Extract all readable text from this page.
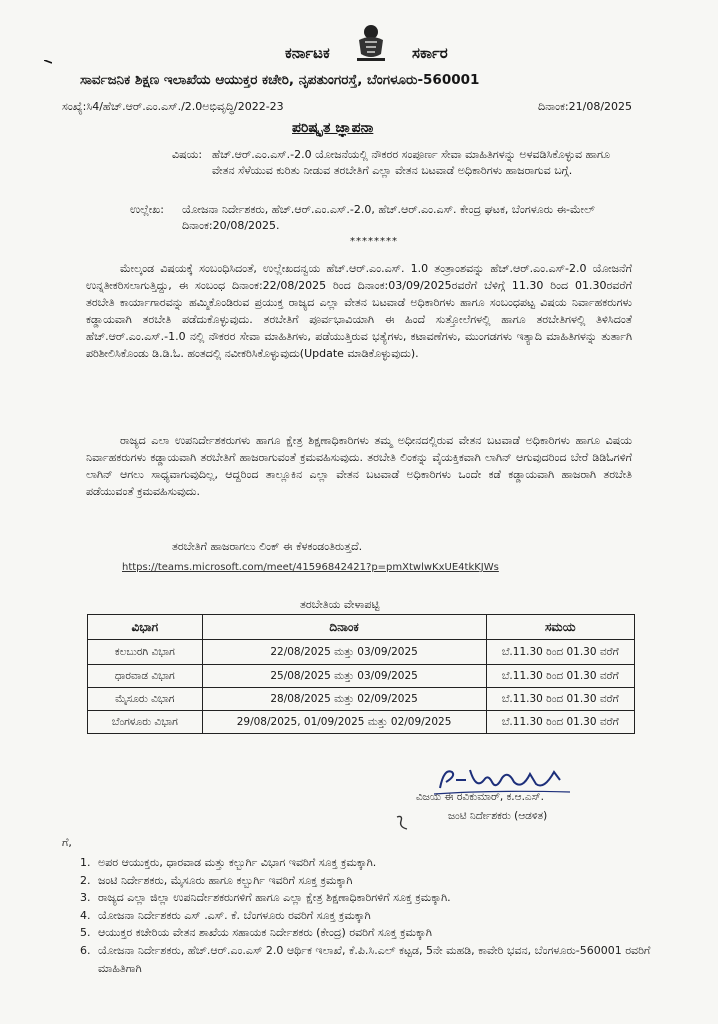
ಕರ್ನಾಟಕ	ಸರ್ಕಾರ
ಸಾರ್ವಜನಿಕ ಶಿಕ್ಷಣ ಇಲಾಖೆಯ ಆಯುಕ್ತರ ಕಚೇರಿ, ನೃಪತುಂಗರಸ್ತೆ, ಬೆಂಗಳೂರು-560001
ಸಂಖ್ಯೆ:ಸಿ4/ಹೆಚ್.ಆರ್.ಎಂ.ಎಸ್./2.0ಅಭಿವೃದ್ಧಿ/2022-23	ದಿನಾಂಕ:21/08/2025
ಪರಿಷ್ಕೃತ ಜ್ಞಾಪನಾ
ವಿಷಯ: ಹೆಚ್.ಆರ್.ಎಂ.ಎಸ್.-2.0 ಯೋಜನೆಯಲ್ಲಿ ನೌಕರರ ಸಂಪೂರ್ಣ ಸೇವಾ ಮಾಹಿತಿಗಳನ್ನು ಅಳವಡಿಸಿಕೊಳ್ಳುವ ಹಾಗೂ ವೇತನ ಸೆಳೆಯುವ ಕುರಿತು ನೀಡುವ ತರಬೇತಿಗೆ ಎಲ್ಲಾ ವೇತನ ಬಟವಾಡೆ ಅಧಿಕಾರಿಗಳು ಹಾಜರಾಗುವ ಬಗ್ಗೆ.
ಉಲ್ಲೇಖ: ಯೋಜನಾ ನಿರ್ದೇಶಕರು, ಹೆಚ್.ಆರ್.ಎಂ.ಎಸ್.-2.0, ಹೆಚ್.ಆರ್.ಎಂ.ಎಸ್. ಕೇಂದ್ರ ಘಟಕ, ಬೆಂಗಳೂರು ಈ-ಮೇಲ್ ದಿನಾಂಕ:20/08/2025.
********
ಮೇಲ್ಕಂಡ ವಿಷಯಕ್ಕೆ ಸಂಬಂಧಿಸಿದಂತೆ, ಉಲ್ಲೇಖದನ್ವಯ ಹೆಚ್.ಆರ್.ಎಂ.ಎಸ್. 1.0 ತಂತ್ರಾಂಶವನ್ನು ಹೆಚ್.ಆರ್.ಎಂ.ಎಸ್-2.0 ಯೋಜನೆಗೆ ಉನ್ನತೀಕರಿಸಲಾಗುತ್ತಿದ್ದು, ಈ ಸಂಬಂಧ ದಿನಾಂಕ:22/08/2025 ರಿಂದ ದಿನಾಂಕ:03/09/2025ರವರೆಗೆ ಬೆಳಿಗ್ಗೆ 11.30 ರಿಂದ 01.30ರವರೆಗೆ ತರಬೇತಿ ಕಾರ್ಯಾಗಾರವನ್ನು ಹಮ್ಮಿಕೊಂಡಿರುವ ಪ್ರಯುಕ್ತ ರಾಜ್ಯದ ಎಲ್ಲಾ ವೇತನ ಬಟವಾಡೆ ಅಧಿಕಾರಿಗಳು ಹಾಗೂ ಸಂಬಂಧಪಟ್ಟ ವಿಷಯ ನಿರ್ವಾಹಕರುಗಳು ಕಡ್ಡಾಯವಾಗಿ ತರಬೇತಿ ಪಡೆದುಕೊಳ್ಳುವುದು. ತರಬೇತಿಗೆ ಪೂರ್ವಭಾವಿಯಾಗಿ ಈ ಹಿಂದೆ ಸುತ್ತೋಲೆಗಳಲ್ಲಿ ಹಾಗೂ ತರಬೇತಿಗಳಲ್ಲಿ ತಿಳಿಸಿದಂತೆ ಹೆಚ್.ಆರ್.ಎಂ.ಎಸ್.-1.0 ನಲ್ಲಿ ನೌಕರರ ಸೇವಾ ಮಾಹಿತಿಗಳು, ಪಡೆಯುತ್ತಿರುವ ಭತ್ಯೆಗಳು, ಕಟಾವಣೆಗಳು, ಮುಂಗಡಗಳು ಇತ್ಯಾದಿ ಮಾಹಿತಿಗಳನ್ನು ತುರ್ತಾಗಿ ಪರಿಶೀಲಿಸಿಕೊಂಡು ಡಿ.ಡಿ.ಓ. ಹಂತದಲ್ಲಿ ನವೀಕರಿಸಿಕೊಳ್ಳುವುದು(Update ಮಾಡಿಕೊಳ್ಳುವುದು).
ರಾಜ್ಯದ ಎಲಾ ಉಪನಿರ್ದೇಶಕರುಗಳು ಹಾಗೂ ಕ್ಷೇತ್ರ ಶಿಕ್ಷಣಾಧಿಕಾರಿಗಳು ತಮ್ಮ ಅಧೀನದಲ್ಲಿರುವ ವೇತನ ಬಟವಾಡೆ ಅಧಿಕಾರಿಗಳು ಹಾಗೂ ವಿಷಯ ನಿರ್ವಾಹಕರುಗಳು ಕಡ್ಡಾಯವಾಗಿ ತರಬೇತಿಗೆ ಹಾಜರಾಗುವಂತೆ ಕ್ರಮವಹಿಸುವುದು. ತರಬೇತಿ ಲಿಂಕನ್ನು ವೈಯಕ್ತಿಕವಾಗಿ ಲಾಗಿನ್ ಆಗುವುದರಿಂದ ಬೇರೆ ಡಿಡಿಓಗಳಿಗೆ ಲಾಗಿನ್ ಆಗಲು ಸಾಧ್ಯವಾಗುವುದಿಲ್ಲ, ಆದ್ದರಿಂದ ತಾಲ್ಲೂಕಿನ ಎಲ್ಲಾ ವೇತನ ಬಟವಾಡೆ ಅಧಿಕಾರಿಗಳು ಒಂದೇ ಕಡೆ ಕಡ್ಡಾಯವಾಗಿ ಹಾಜರಾಗಿ ತರಬೇತಿ ಪಡೆಯುವಂತೆ ಕ್ರಮವಹಿಸುವುದು.
ತರಬೇತಿಗೆ ಹಾಜರಾಗಲು ಲಿಂಕ್ ಈ ಕೆಳಕಂಡಂತಿರುತ್ತದೆ.
https://teams.microsoft.com/meet/41596842421?p=pmXtwlwKxUE4tkKJWs
ತರಬೇತಿಯ ವೇಳಾಪಟ್ಟಿ
ವಿಭಾಗ	ದಿನಾಂಕ	ಸಮಯ
ಕಲಬುರಗಿ ವಿಭಾಗ	22/08/2025 ಮತ್ತು 03/09/2025	ಬೆ.11.30 ರಿಂದ 01.30 ವರೆಗೆ
ಧಾರವಾಡ ವಿಭಾಗ	25/08/2025 ಮತ್ತು 03/09/2025	ಬೆ.11.30 ರಿಂದ 01.30 ವರೆಗೆ
ಮೈಸೂರು ವಿಭಾಗ	28/08/2025 ಮತ್ತು 02/09/2025	ಬೆ.11.30 ರಿಂದ 01.30 ವರೆಗೆ
ಬೆಂಗಳೂರು ವಿಭಾಗ	29/08/2025, 01/09/2025 ಮತ್ತು 02/09/2025	ಬೆ.11.30 ರಿಂದ 01.30 ವರೆಗೆ
ವಿಜಯ ಈ ರವಿಕುಮಾರ್, ಕ.ಆ.ಎಸ್.
ಜಂಟಿ ನಿರ್ದೇಶಕರು (ಆಡಳಿತ)
ಗೆ,
1. ಅಪರ ಆಯುಕ್ತರು, ಧಾರವಾಡ ಮತ್ತು ಕಲ್ಬುರ್ಗಿ ವಿಭಾಗ ಇವರಿಗೆ ಸೂಕ್ತ ಕ್ರಮಕ್ಕಾಗಿ.
2. ಜಂಟಿ ನಿರ್ದೇಶಕರು, ಮೈಸೂರು ಹಾಗೂ ಕಲ್ಬುರ್ಗಿ ಇವರಿಗೆ ಸೂಕ್ತ ಕ್ರಮಕ್ಕಾಗಿ
3. ರಾಜ್ಯದ ಎಲ್ಲಾ ಜಿಲ್ಲಾ ಉಪನಿರ್ದೇಶಕರುಗಳಿಗೆ ಹಾಗೂ ಎಲ್ಲಾ ಕ್ಷೇತ್ರ ಶಿಕ್ಷಣಾಧಿಕಾರಿಗಳಿಗೆ ಸೂಕ್ತ ಕ್ರಮಕ್ಕಾಗಿ.
4. ಯೋಜನಾ ನಿರ್ದೇಶಕರು ಎಸ್ .ಎಸ್. ಕೆ. ಬೆಂಗಳೂರು ರವರಿಗೆ ಸೂಕ್ತ ಕ್ರಮಕ್ಕಾಗಿ
5. ಆಯುಕ್ತರ ಕಚೇರಿಯ ವೇತನ ಶಾಖೆಯ ಸಹಾಯಕ ನಿರ್ದೇಶಕರು (ಕೇಂದ್ರ) ರವರಿಗೆ ಸೂಕ್ತ ಕ್ರಮಕ್ಕಾಗಿ
6. ಯೋಜನಾ ನಿರ್ದೇಶಕರು, ಹೆಚ್.ಆರ್.ಎಂ.ಎಸ್ 2.0 ಆರ್ಥಿಕ ಇಲಾಖೆ, ಕೆ.ಪಿ.ಸಿ.ಎಲ್ ಕಟ್ಟಡ, 5ನೇ ಮಹಡಿ, ಕಾವೇರಿ ಭವನ, ಬೆಂಗಳೂರು-560001 ರವರಿಗೆ ಮಾಹಿತಿಗಾಗಿ
